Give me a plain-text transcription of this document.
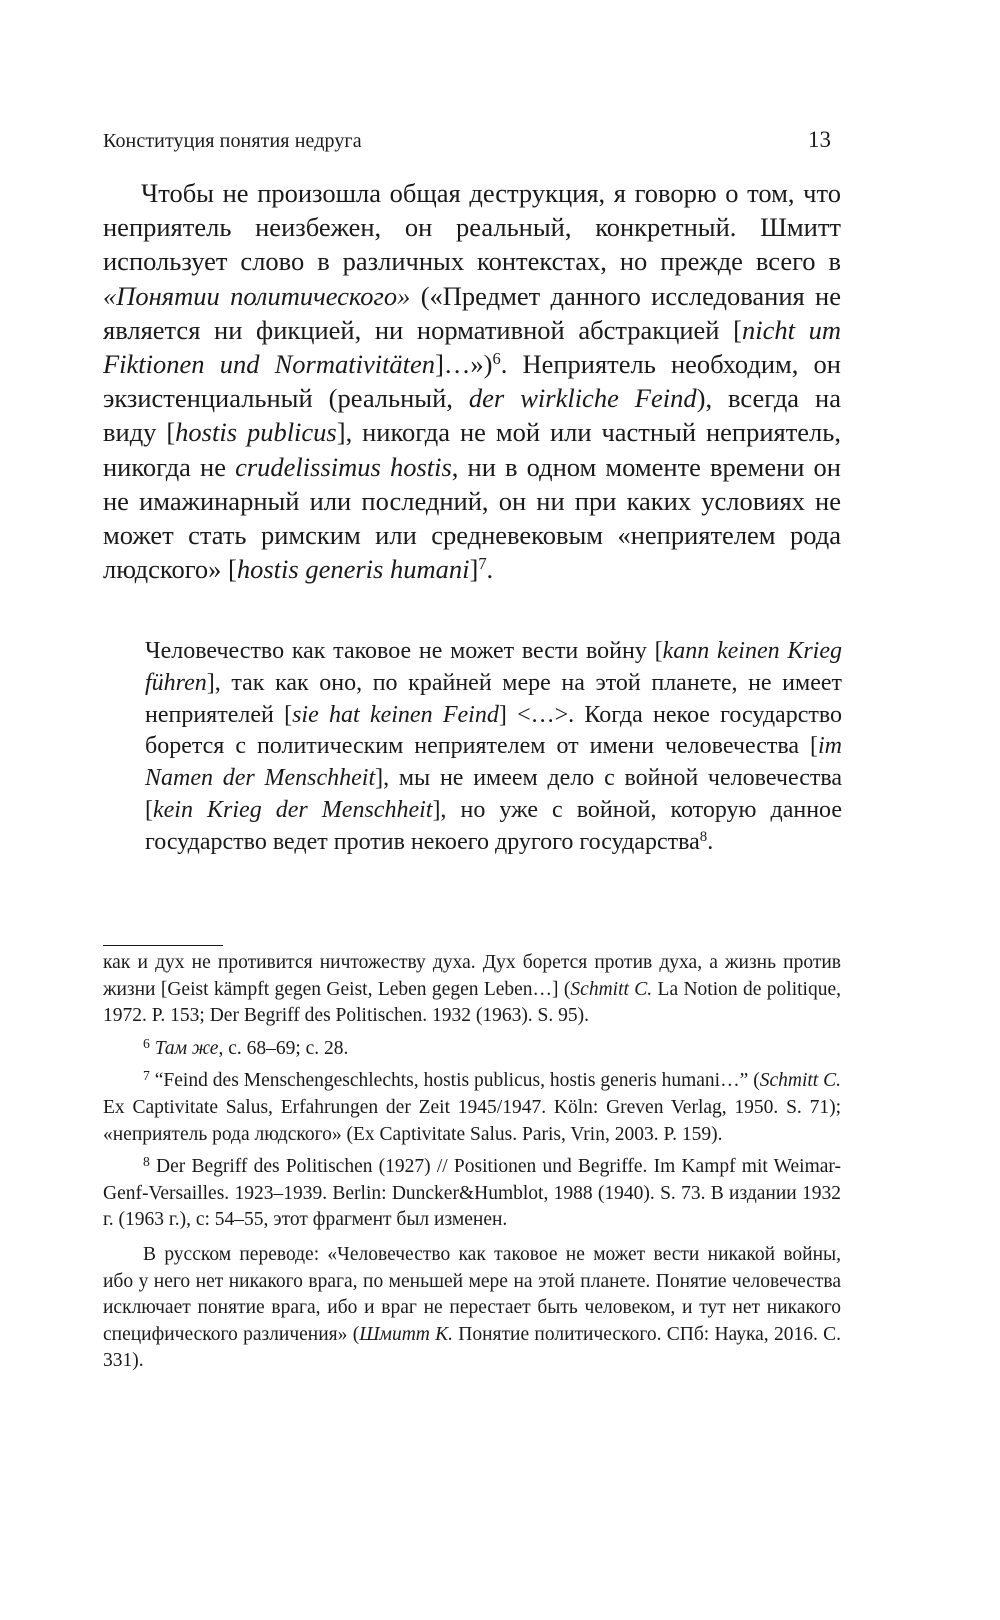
Конституция понятия недруга	13

Чтобы не произошла общая деструкция, я говорю о том, что неприятель неизбежен, он реальный, конкретный. Шмитт использует слово в различных контекстах, но прежде всего в «Понятии политического» («Предмет данного исследования не является ни фикцией, ни нормативной абстракцией [nicht um Fiktionen und Normativitäten]…»)$^6$. Неприятель необходим, он экзистенциальный (реальный, der wirkliche Feind), всегда на виду [hostis publicus], никогда не мой или частный неприятель, никогда не crudelissimus hostis, ни в одном моменте времени он не имажинарный или последний, он ни при каких условиях не может стать римским или средневековым «неприятелем рода людского» [hostis generis humani]$^7$.

Человечество как таковое не может вести войну [kann keinen Krieg führen], так как оно, по крайней мере на этой планете, не имеет неприятелей [sie hat keinen Feind] <…>. Когда некое государство борется с политическим неприятелем от имени человечества [im Namen der Menschheit], мы не имеем дело с войной человечества [kein Krieg der Menschheit], но уже с войной, которую данное государство ведет против некоего другого государства$^8$.

как и дух не противится ничтожеству духа. Дух борется против духа, а жизнь против жизни [Geist kämpft gegen Geist, Leben gegen Leben…] (Schmitt C. La Notion de politique, 1972. P. 153; Der Begriff des Politischen. 1932 (1963). S. 95).

$^6$ Там же, с. 68–69; с. 28.

$^7$ “Feind des Menschengeschlechts, hostis publicus, hostis generis humani…” (Schmitt C. Ex Captivitate Salus, Erfahrungen der Zeit 1945/1947. Köln: Greven Verlag, 1950. S. 71); «неприятель рода людского» (Ex Captivitate Salus. Paris, Vrin, 2003. P. 159).

$^8$ Der Begriff des Politischen (1927) // Positionen und Begriffe. Im Kampf mit Weimar-Genf-Versailles. 1923–1939. Berlin: Duncker&Humblot, 1988 (1940). S. 73. В издании 1932 г. (1963 г.), с: 54–55, этот фрагмент был изменен.

В русском переводе: «Человечество как таковое не может вести никакой войны, ибо у него нет никакого врага, по меньшей мере на этой планете. Понятие человечества исключает понятие врага, ибо и враг не перестает быть человеком, и тут нет никакого специфического различения» (Шмитт К. Понятие политического. СПб: Наука, 2016. С. 331).
